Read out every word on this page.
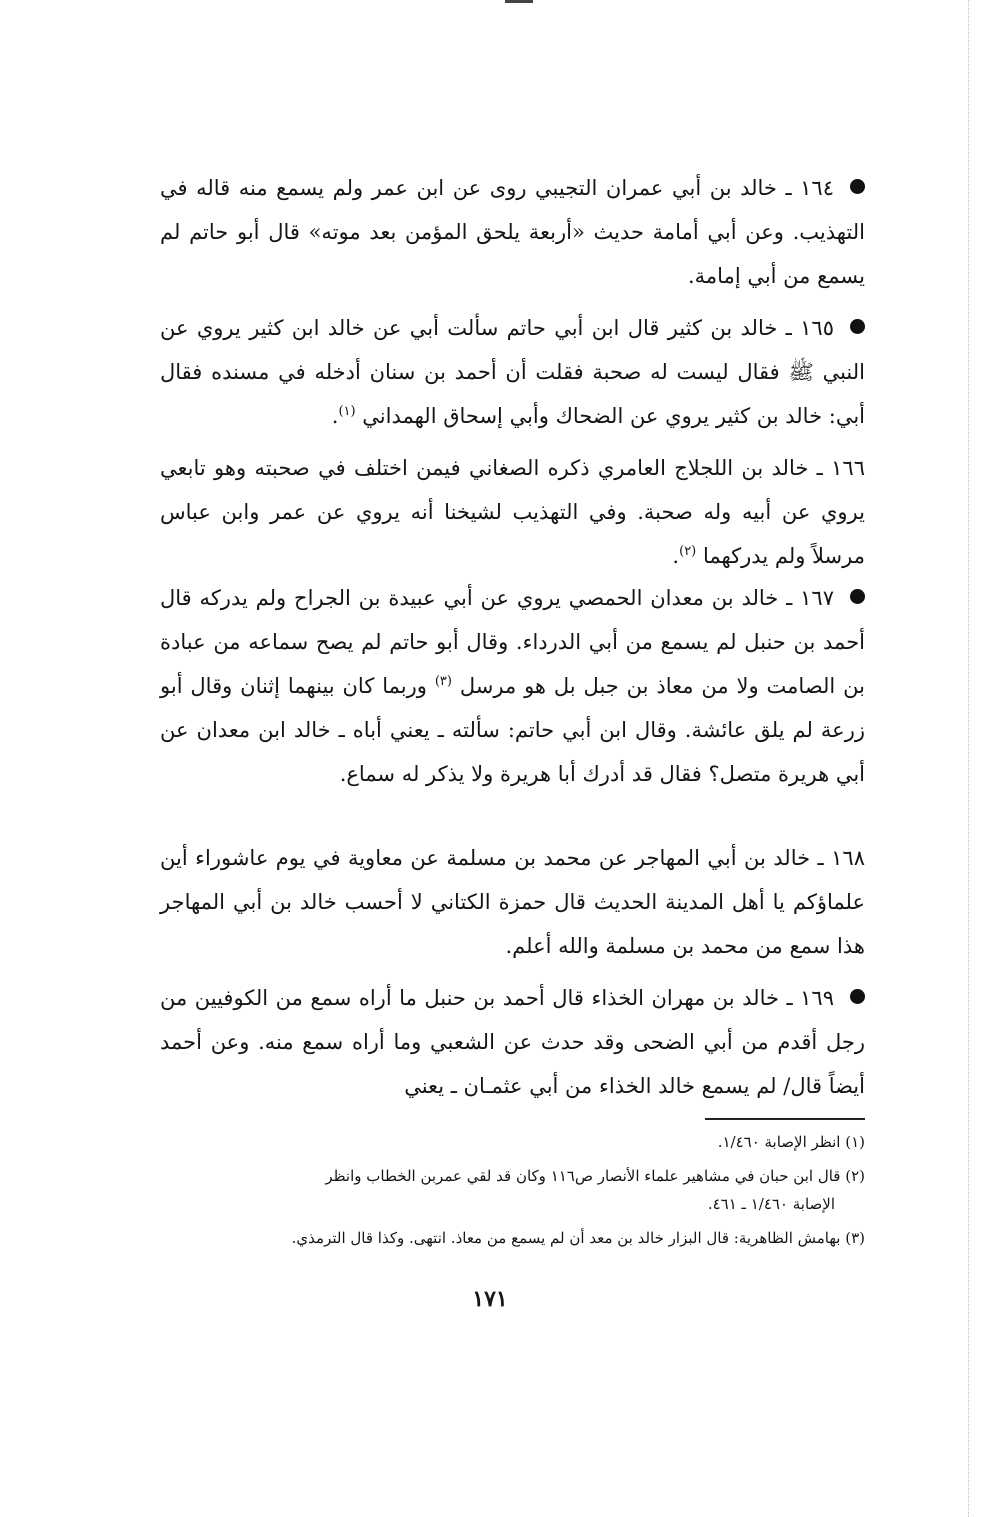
١٦٤ ـ خالد بن أبي عمران التجيبي روى عن ابن عمر ولم يسمع منه قاله في التهذيب. وعن أبي أمامة حديث «أربعة يلحق المؤمن بعد موته» قال أبو حاتم لم يسمع من أبي إمامة.

١٦٥ ـ خالد بن كثير قال ابن أبي حاتم سألت أبي عن خالد ابن كثير يروي عن النبي ﷺ فقال ليست له صحبة فقلت أن أحمد بن سنان أدخله في مسنده فقال أبي: خالد بن كثير يروي عن الضحاك وأبي إسحاق الهمداني $^{(١)}$.

١٦٦ ـ خالد بن اللجلاج العامري ذكره الصغاني فيمن اختلف في صحبته وهو تابعي يروي عن أبيه وله صحبة. وفي التهذيب لشيخنا أنه يروي عن عمر وابن عباس مرسلاً ولم يدركهما $^{(٢)}$.

١٦٧ ـ خالد بن معدان الحمصي يروي عن أبي عبيدة بن الجراح ولم يدركه قال أحمد بن حنبل لم يسمع من أبي الدرداء. وقال أبو حاتم لم يصح سماعه من عبادة بن الصامت ولا من معاذ بن جبل بل هو مرسل $^{(٣)}$ وربما كان بينهما إثنان وقال أبو زرعة لم يلق عائشة. وقال ابن أبي حاتم: سألته ـ يعني أباه ـ خالد ابن معدان عن أبي هريرة متصل؟ فقال قد أدرك أبا هريرة ولا يذكر له سماع.

١٦٨ ـ خالد بن أبي المهاجر عن محمد بن مسلمة عن معاوية في يوم عاشوراء أين علماؤكم يا أهل المدينة الحديث قال حمزة الكتاني لا أحسب خالد بن أبي المهاجر هذا سمع من محمد بن مسلمة والله أعلم.

١٦٩ ـ خالد بن مهران الخذاء قال أحمد بن حنبل ما أراه سمع من الكوفيين من رجل أقدم من أبي الضحى وقد حدث عن الشعبي وما أراه سمع منه. وعن أحمد أيضاً قال/ لم يسمع خالد الخذاء من أبي عثمـان ـ يعني

(١) انظر الإصابة ١/٤٦٠.

(٢) قال ابن حبان في مشاهير علماء الأنصار ص١١٦ وكان قد لقي عمربن الخطاب وانظر
الإصابة ١/٤٦٠ ـ ٤٦١.

(٣) بهامش الظاهرية: قال البزار خالد بن معد أن لم يسمع من معاذ. انتهى. وكذا قال الترمذي.

١٧١
